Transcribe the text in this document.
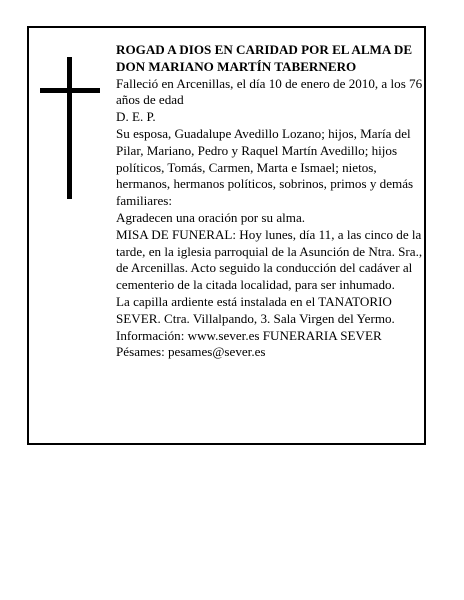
ROGAD A DIOS EN CARIDAD POR EL ALMA DE

DON MARIANO MARTÍN TABERNERO

Falleció en Arcenillas, el día 10 de enero de 2010, a los 76 años de edad

D. E. P.

Su esposa, Guadalupe Avedillo Lozano; hijos, María del Pilar, Mariano, Pedro y Raquel Martín Avedillo; hijos políticos, Tomás, Carmen, Marta e Ismael; nietos, hermanos, hermanos políticos, sobrinos, primos y demás familiares:

Agradecen una oración por su alma.

MISA DE FUNERAL: Hoy lunes, día 11, a las cinco de la tarde, en la iglesia parroquial de la Asunción de Ntra. Sra., de Arcenillas. Acto seguido la conducción del cadáver al cementerio de la citada localidad, para ser inhumado.

La capilla ardiente está instalada en el TANATORIO SEVER. Ctra. Villalpando, 3. Sala Virgen del Yermo.

Información: www.sever.es FUNERARIA SEVER

Pésames: pesames@sever.es
